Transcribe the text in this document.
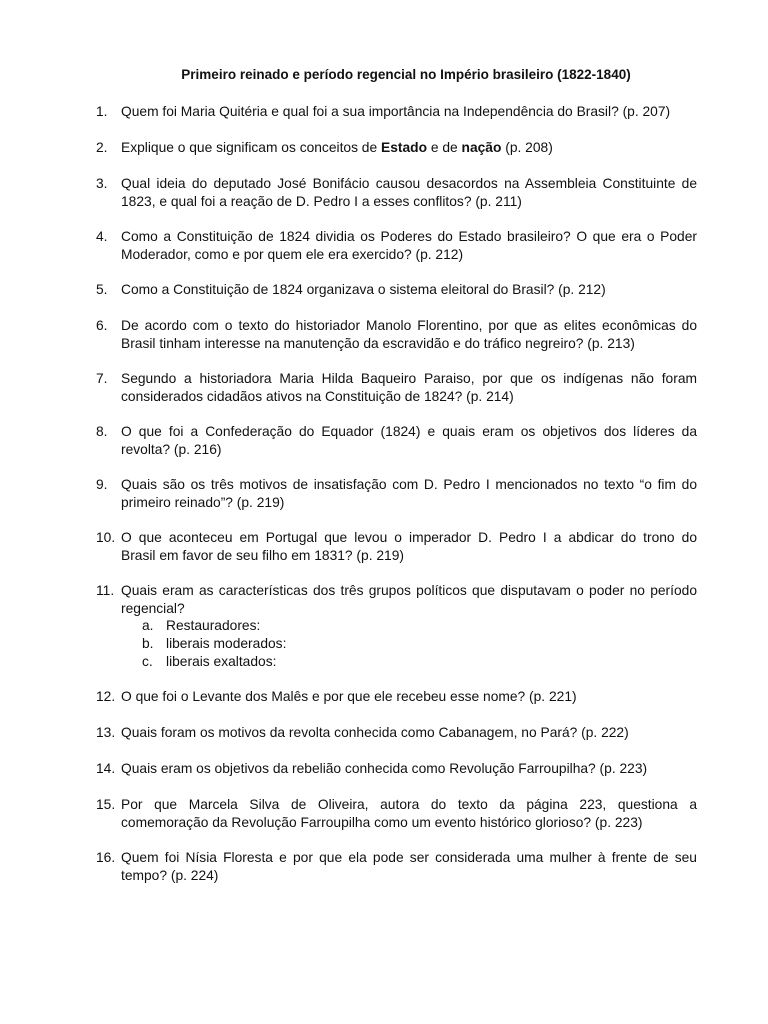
Primeiro reinado e período regencial no Império brasileiro (1822-1840)
1. Quem foi Maria Quitéria e qual foi a sua importância na Independência do Brasil? (p. 207)
2. Explique o que significam os conceitos de Estado e de nação (p. 208)
3. Qual ideia do deputado José Bonifácio causou desacordos na Assembleia Constituinte de
1823, e qual foi a reação de D. Pedro I a esses conflitos? (p. 211)
4. Como a Constituição de 1824 dividia os Poderes do Estado brasileiro? O que era o Poder
Moderador, como e por quem ele era exercido? (p. 212)
5. Como a Constituição de 1824 organizava o sistema eleitoral do Brasil? (p. 212)
6. De acordo com o texto do historiador Manolo Florentino, por que as elites econômicas do
Brasil tinham interesse na manutenção da escravidão e do tráfico negreiro? (p. 213)
7. Segundo a historiadora Maria Hilda Baqueiro Paraiso, por que os indígenas não foram
considerados cidadãos ativos na Constituição de 1824? (p. 214)
8. O que foi a Confederação do Equador (1824) e quais eram os objetivos dos líderes da
revolta? (p. 216)
9. Quais são os três motivos de insatisfação com D. Pedro I mencionados no texto “o fim do
primeiro reinado”? (p. 219)
10. O que aconteceu em Portugal que levou o imperador D. Pedro I a abdicar do trono do
Brasil em favor de seu filho em 1831? (p. 219)
11. Quais eram as características dos três grupos políticos que disputavam o poder no período
regencial?
a. Restauradores:
b. liberais moderados:
c. liberais exaltados:
12. O que foi o Levante dos Malês e por que ele recebeu esse nome? (p. 221)
13. Quais foram os motivos da revolta conhecida como Cabanagem, no Pará? (p. 222)
14. Quais eram os objetivos da rebelião conhecida como Revolução Farroupilha? (p. 223)
15. Por que Marcela Silva de Oliveira, autora do texto da página 223, questiona a
comemoração da Revolução Farroupilha como um evento histórico glorioso? (p. 223)
16. Quem foi Nísia Floresta e por que ela pode ser considerada uma mulher à frente de seu
tempo? (p. 224)
